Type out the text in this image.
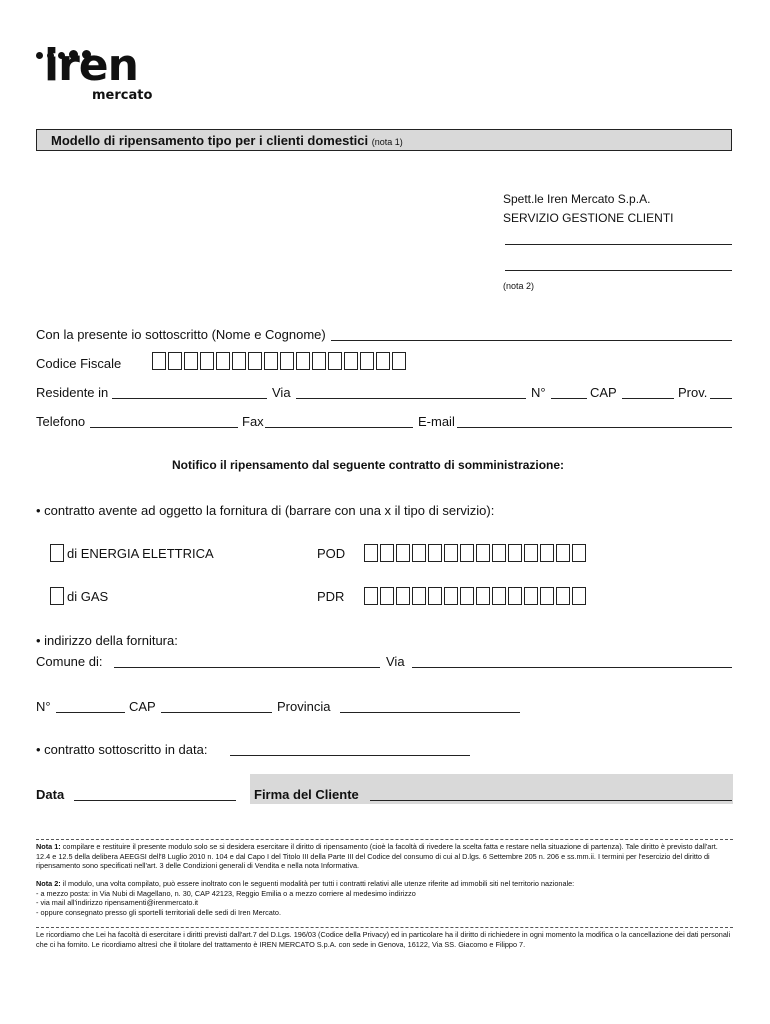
iren
mercato
Modello di ripensamento tipo per i clienti domestici (nota 1)
Spett.le Iren Mercato S.p.A.
SERVIZIO GESTIONE CLIENTI
(nota 2)
Con la presente io sottoscritto (Nome e Cognome)
Codice Fiscale
Residente in	Via	N°	CAP	Prov.
Telefono	Fax	E-mail
Notifico il ripensamento dal seguente contratto di somministrazione:
• contratto avente ad oggetto la fornitura di (barrare con una x il tipo di servizio):
di ENERGIA ELETTRICA	POD
di GAS	PDR
• indirizzo della fornitura:
Comune di:	Via
N°	CAP	Provincia
• contratto sottoscritto in data:
Data	Firma del Cliente
Nota 1: compilare e restituire il presente modulo solo se si desidera esercitare il diritto di ripensamento (cioè la facoltà di rivedere la scelta fatta e restare nella situazione di partenza). Tale diritto è previsto dall'art. 12.4 e 12.5 della delibera AEEGSI dell'8 Luglio 2010 n. 104 e dal Capo I del Titolo III della Parte III del Codice del consumo di cui al D.lgs. 6 Settembre 205 n. 206 e ss.mm.ii. I termini per l'esercizio del diritto di ripensamento sono specificati nell'art. 3 delle Condizioni generali di Vendita e nella nota Informativa.
Nota 2: il modulo, una volta compilato, può essere inoltrato con le seguenti modalità per tutti i contratti relativi alle utenze riferite ad immobili siti nel territorio nazionale:
- a mezzo posta: in Via Nubi di Magellano, n. 30, CAP 42123, Reggio Emilia o a mezzo corriere al medesimo indirizzo
- via mail all'indirizzo ripensamenti@irenmercato.it
- oppure consegnato presso gli sportelli territoriali delle sedi di Iren Mercato.
Le ricordiamo che Lei ha facoltà di esercitare i diritti previsti dall'art.7 del D.Lgs. 196/03 (Codice della Privacy) ed in particolare ha il diritto di richiedere in ogni momento la modifica o la cancellazione dei dati personali che ci ha fornito. Le ricordiamo altresì che il titolare del trattamento è IREN MERCATO S.p.A. con sede in Genova, 16122, Via SS. Giacomo e Filippo 7.
